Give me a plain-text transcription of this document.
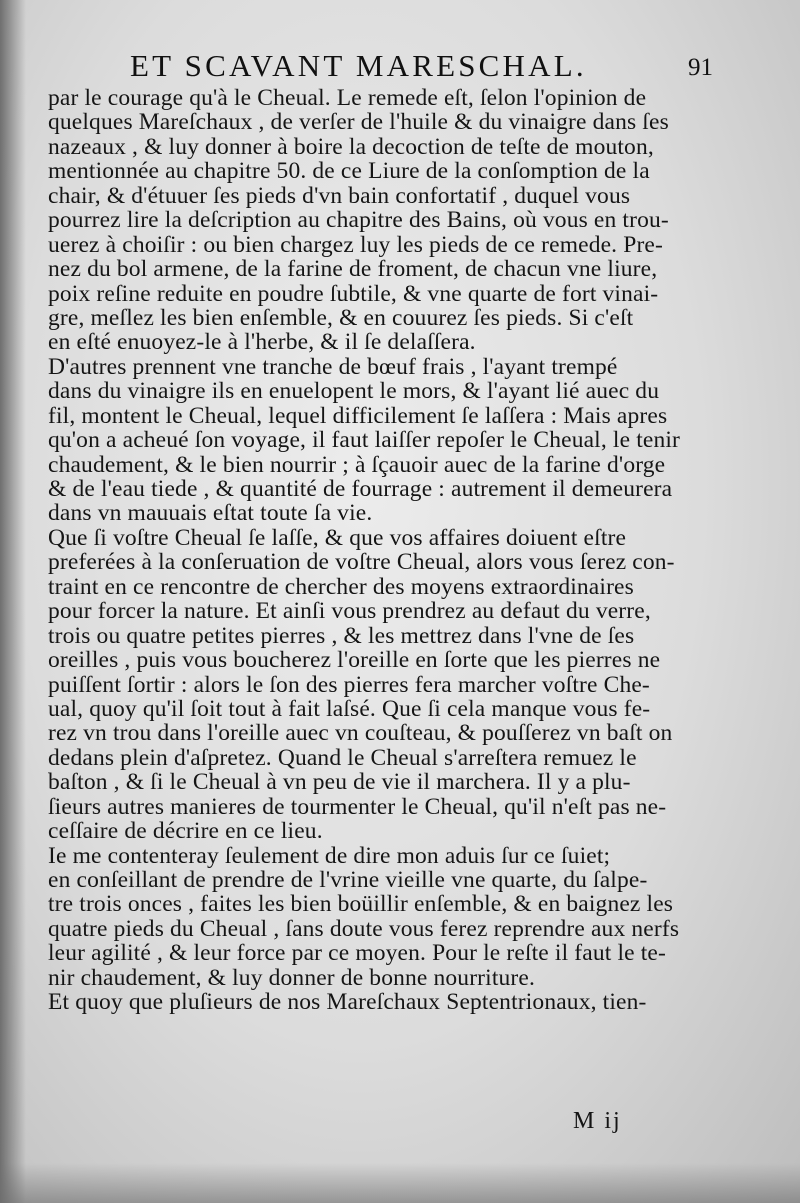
ET SCAVANT MARESCHAL.	91
par le courage qu'à le Cheual. Le remede eſt, ſelon l'opinion de
quelques Mareſchaux , de verſer de l'huile & du vinaigre dans ſes
nazeaux , & luy donner à boire la decoction de teſte de mouton,
mentionnée au chapitre 50. de ce Liure de la conſomption de la
chair, & d'étuuer ſes pieds d'vn bain confortatif , duquel vous
pourrez lire la deſcription au chapitre des Bains, où vous en trou-
uerez à choiſir : ou bien chargez luy les pieds de ce remede. Pre-
nez du bol armene, de la farine de froment, de chacun vne liure,
poix reſine reduite en poudre ſubtile, & vne quarte de fort vinai-
gre, meſlez les bien enſemble, & en couurez ſes pieds. Si c'eſt
en eſté enuoyez-le à l'herbe, & il ſe delaſſera.
D'autres prennent vne tranche de bœuf frais , l'ayant trempé
dans du vinaigre ils en enuelopent le mors, & l'ayant lié auec du
fil, montent le Cheual, lequel difficilement ſe laſſera : Mais apres
qu'on a acheué ſon voyage, il faut laiſſer repoſer le Cheual, le tenir
chaudement, & le bien nourrir ; à ſçauoir auec de la farine d'orge
& de l'eau tiede , & quantité de fourrage : autrement il demeurera
dans vn mauuais eſtat toute ſa vie.
Que ſi voſtre Cheual ſe laſſe, & que vos affaires doiuent eſtre
preferées à la conſeruation de voſtre Cheual, alors vous ſerez con-
traint en ce rencontre de chercher des moyens extraordinaires
pour forcer la nature. Et ainſi vous prendrez au defaut du verre,
trois ou quatre petites pierres , & les mettrez dans l'vne de ſes
oreilles , puis vous boucherez l'oreille en ſorte que les pierres ne
puiſſent ſortir : alors le ſon des pierres fera marcher voſtre Che-
ual, quoy qu'il ſoit tout à fait laſsé. Que ſi cela manque vous fe-
rez vn trou dans l'oreille auec vn couſteau, & pouſſerez vn baſt on
dedans plein d'aſpretez. Quand le Cheual s'arreſtera remuez le
baſton , & ſi le Cheual à vn peu de vie il marchera. Il y a plu-
ſieurs autres manieres de tourmenter le Cheual, qu'il n'eſt pas ne-
ceſſaire de décrire en ce lieu.
Ie me contenteray ſeulement de dire mon aduis ſur ce ſuiet;
en conſeillant de prendre de l'vrine vieille vne quarte, du ſalpe-
tre trois onces , faites les bien boüillir enſemble, & en baignez les
quatre pieds du Cheual , ſans doute vous ferez reprendre aux nerfs
leur agilité , & leur force par ce moyen. Pour le reſte il faut le te-
nir chaudement, & luy donner de bonne nourriture.
Et quoy que pluſieurs de nos Mareſchaux Septentrionaux, tien-
M ij
